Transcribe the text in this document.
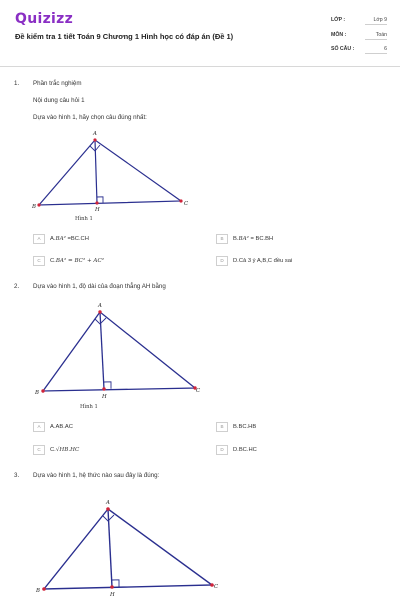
Quizizz
Đề kiểm tra 1 tiết Toán 9 Chương 1 Hình học có đáp án (Đề 1)
LỚP :	Lớp 9
MÔN :	Toán
SỐ CÂU :	6
1. Phần trắc nghiệm
Nội dung câu hỏi 1
Dựa vào hình 1, hãy chọn câu đúng nhất:
A
B	H
C
Hình 1
A A.BA² =BC.CH	B B.BA² = BC.BH
C C.BA² = BC² + AC²	D D.Cả 3 ý A,B,C đều sai
2. Dựa vào hình 1, độ dài của đoạn thẳng AH bằng
A
B
H
C
Hình 1
A A.AB.AC	B B.BC.HB
C C.√HB.HC	D D.BC.HC
3. Dựa vào hình 1, hệ thức nào sau đây là đúng:
A
B
H
C
